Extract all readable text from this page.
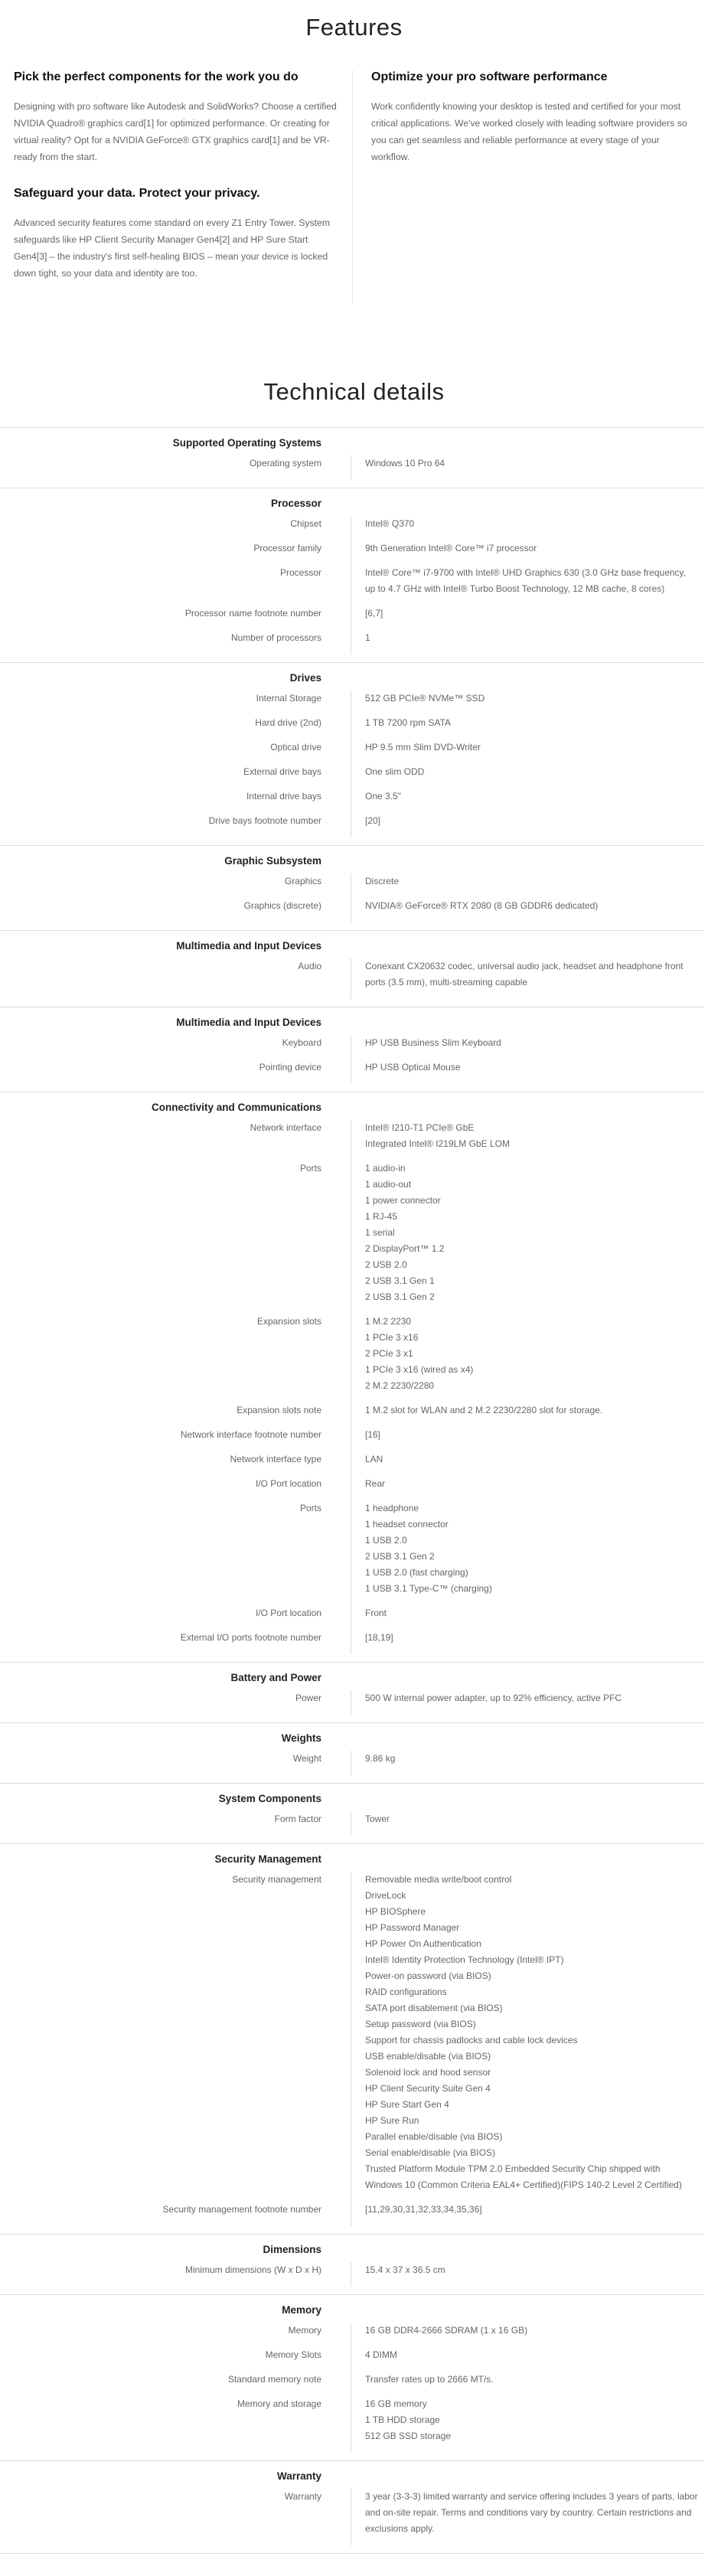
Features
Pick the perfect components for the work you do

Designing with pro software like Autodesk and SolidWorks? Choose a certified NVIDIA Quadro® graphics card[1] for optimized performance. Or creating for virtual reality? Opt for a NVIDIA GeForce® GTX graphics card[1] and be VR-ready from the start.

Safeguard your data. Protect your privacy.

Advanced security features come standard on every Z1 Entry Tower. System safeguards like HP Client Security Manager Gen4[2] and HP Sure Start Gen4[3] – the industry's first self-healing BIOS – mean your device is locked down tight, so your data and identity are too.

Optimize your pro software performance

Work confidently knowing your desktop is tested and certified for your most critical applications. We've worked closely with leading software providers so you can get seamless and reliable performance at every stage of your workflow.

Technical details
Supported Operating Systems
Operating system	Windows 10 Pro 64
Processor
Chipset	Intel® Q370
Processor family	9th Generation Intel® Core™ i7 processor
Processor	Intel® Core™ i7-9700 with Intel® UHD Graphics 630 (3.0 GHz base frequency, up to 4.7 GHz with Intel® Turbo Boost Technology, 12 MB cache, 8 cores)
Processor name footnote number	[6,7]
Number of processors	1
Drives
Internal Storage	512 GB PCIe® NVMe™ SSD
Hard drive (2nd)	1 TB 7200 rpm SATA
Optical drive	HP 9.5 mm Slim DVD-Writer
External drive bays	One slim ODD
Internal drive bays	One 3.5"
Drive bays footnote number	[20]
Graphic Subsystem
Graphics	Discrete
Graphics (discrete)	NVIDIA® GeForce® RTX 2080 (8 GB GDDR6 dedicated)
Multimedia and Input Devices
Audio	Conexant CX20632 codec, universal audio jack, headset and headphone front ports (3.5 mm), multi-streaming capable
Multimedia and Input Devices
Keyboard	HP USB Business Slim Keyboard
Pointing device	HP USB Optical Mouse
Connectivity and Communications
Network interface	Intel® I210-T1 PCIe® GbE
Integrated Intel® I219LM GbE LOM
Ports	1 audio-in
1 audio-out
1 power connector
1 RJ-45
1 serial
2 DisplayPort™ 1.2
2 USB 2.0
2 USB 3.1 Gen 1
2 USB 3.1 Gen 2
Expansion slots	1 M.2 2230
1 PCIe 3 x16
2 PCIe 3 x1
1 PCIe 3 x16 (wired as x4)
2 M.2 2230/2280
Expansion slots note	1 M.2 slot for WLAN and 2 M.2 2230/2280 slot for storage.
Network interface footnote number	[16]
Network interface type	LAN
I/O Port location	Rear
Ports	1 headphone
1 headset connector
1 USB 2.0
2 USB 3.1 Gen 2
1 USB 2.0 (fast charging)
1 USB 3.1 Type-C™ (charging)
I/O Port location	Front
External I/O ports footnote number	[18,19]
Battery and Power
Power	500 W internal power adapter, up to 92% efficiency, active PFC
Weights
Weight	9.86 kg
System Components
Form factor	Tower
Security Management
Security management	Removable media write/boot control
DriveLock
HP BIOSphere
HP Password Manager
HP Power On Authentication
Intel® Identity Protection Technology (Intel® IPT)
Power-on password (via BIOS)
RAID configurations
SATA port disablement (via BIOS)
Setup password (via BIOS)
Support for chassis padlocks and cable lock devices
USB enable/disable (via BIOS)
Solenoid lock and hood sensor
HP Client Security Suite Gen 4
HP Sure Start Gen 4
HP Sure Run
Parallel enable/disable (via BIOS)
Serial enable/disable (via BIOS)
Trusted Platform Module TPM 2.0 Embedded Security Chip shipped with Windows 10 (Common Criteria EAL4+ Certified)(FIPS 140-2 Level 2 Certified)
Security management footnote number	[11,29,30,31,32,33,34,35,36]
Dimensions
Minimum dimensions (W x D x H)	15.4 x 37 x 36.5 cm
Memory
Memory	16 GB DDR4-2666 SDRAM (1 x 16 GB)
Memory Slots	4 DIMM
Standard memory note	Transfer rates up to 2666 MT/s.
Memory and storage	16 GB memory
1 TB HDD storage
512 GB SSD storage
Warranty
Warranty	3 year (3-3-3) limited warranty and service offering includes 3 years of parts, labor and on-site repair. Terms and conditions vary by country. Certain restrictions and exclusions apply.
